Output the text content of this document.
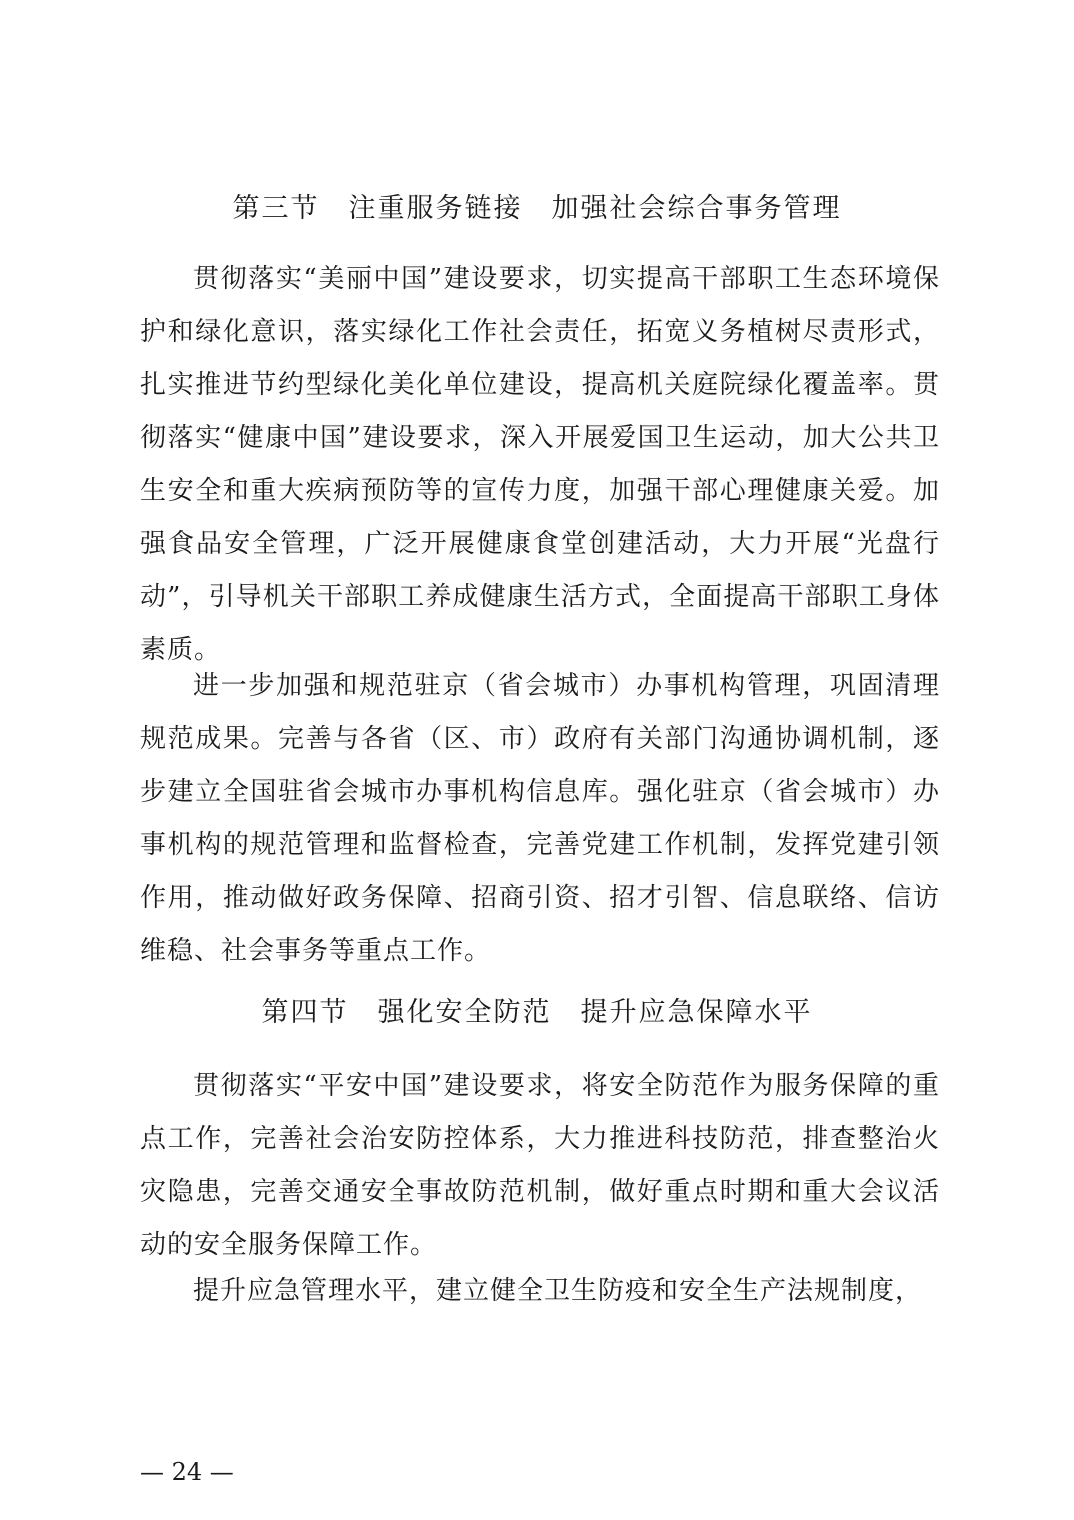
第三节　注重服务链接　加强社会综合事务管理

贯彻落实“美丽中国”建设要求，切实提高干部职工生态环境保护和绿化意识，落实绿化工作社会责任，拓宽义务植树尽责形式，扎实推进节约型绿化美化单位建设，提高机关庭院绿化覆盖率。贯彻落实“健康中国”建设要求，深入开展爱国卫生运动，加大公共卫生安全和重大疾病预防等的宣传力度，加强干部心理健康关爱。加强食品安全管理，广泛开展健康食堂创建活动，大力开展“光盘行动”，引导机关干部职工养成健康生活方式，全面提高干部职工身体素质。

进一步加强和规范驻京（省会城市）办事机构管理，巩固清理规范成果。完善与各省（区、市）政府有关部门沟通协调机制，逐步建立全国驻省会城市办事机构信息库。强化驻京（省会城市）办事机构的规范管理和监督检查，完善党建工作机制，发挥党建引领作用，推动做好政务保障、招商引资、招才引智、信息联络、信访维稳、社会事务等重点工作。

第四节　强化安全防范　提升应急保障水平

贯彻落实“平安中国”建设要求，将安全防范作为服务保障的重点工作，完善社会治安防控体系，大力推进科技防范，排查整治火灾隐患，完善交通安全事故防范机制，做好重点时期和重大会议活动的安全服务保障工作。

提升应急管理水平，建立健全卫生防疫和安全生产法规制度，

— 24 —
